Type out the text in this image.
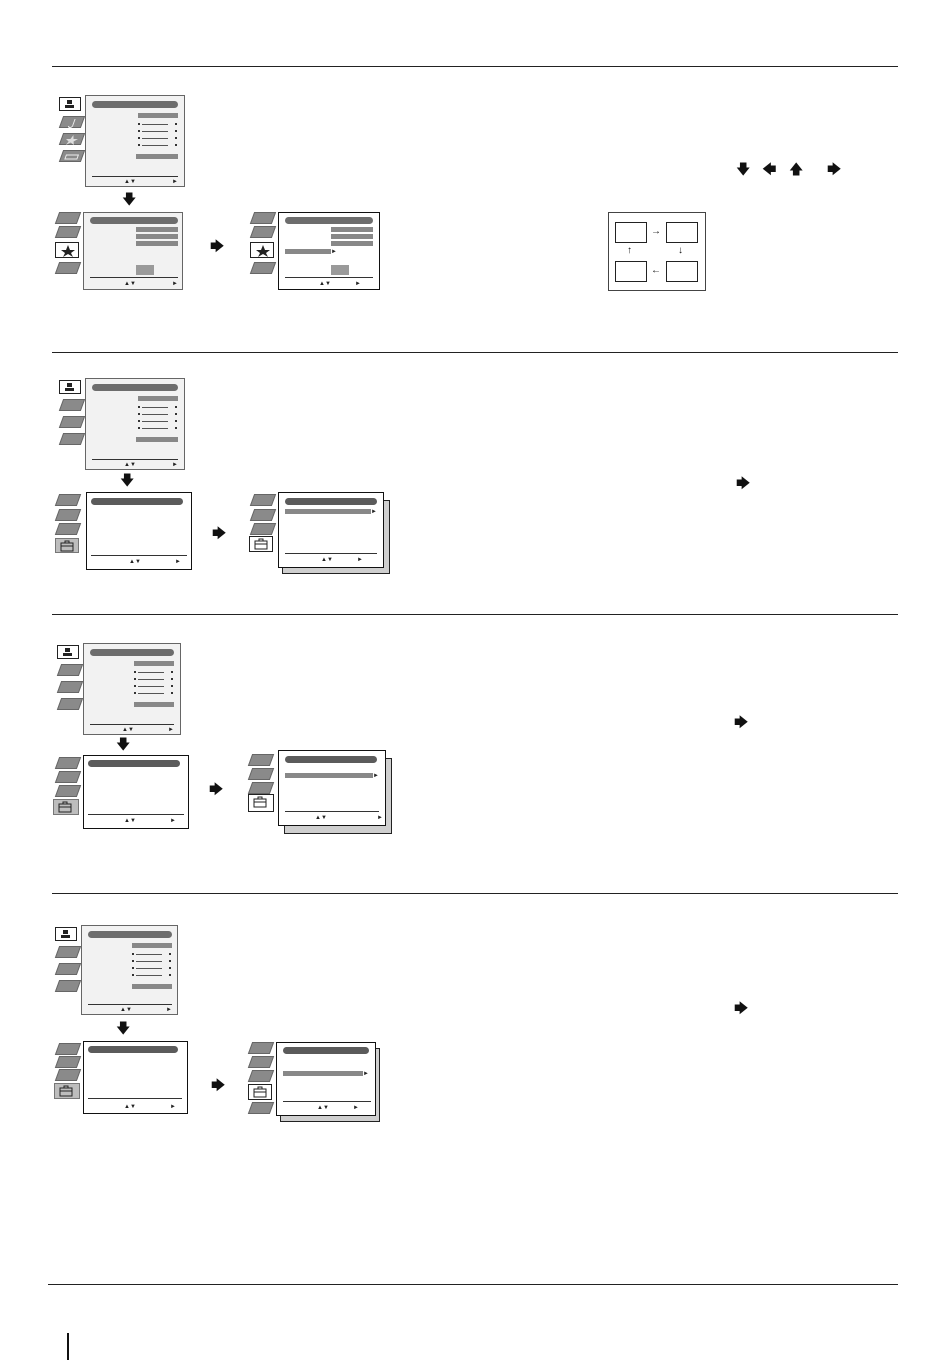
▲▼	►
🡇
▲▼	►
🡆	►
▲▼	►
🡇 🡄 🡅 🡆
→
←
↑	↓
▲▼	►
🡇
▲▼	►
🡆
►
▲▼	►
🡆
▲▼	►
🡇
▲▼	►
🡆
►
▲▼	►
🡆
▲▼	►
🡇
▲▼	►
🡆
►
▲▼	►
🡆
